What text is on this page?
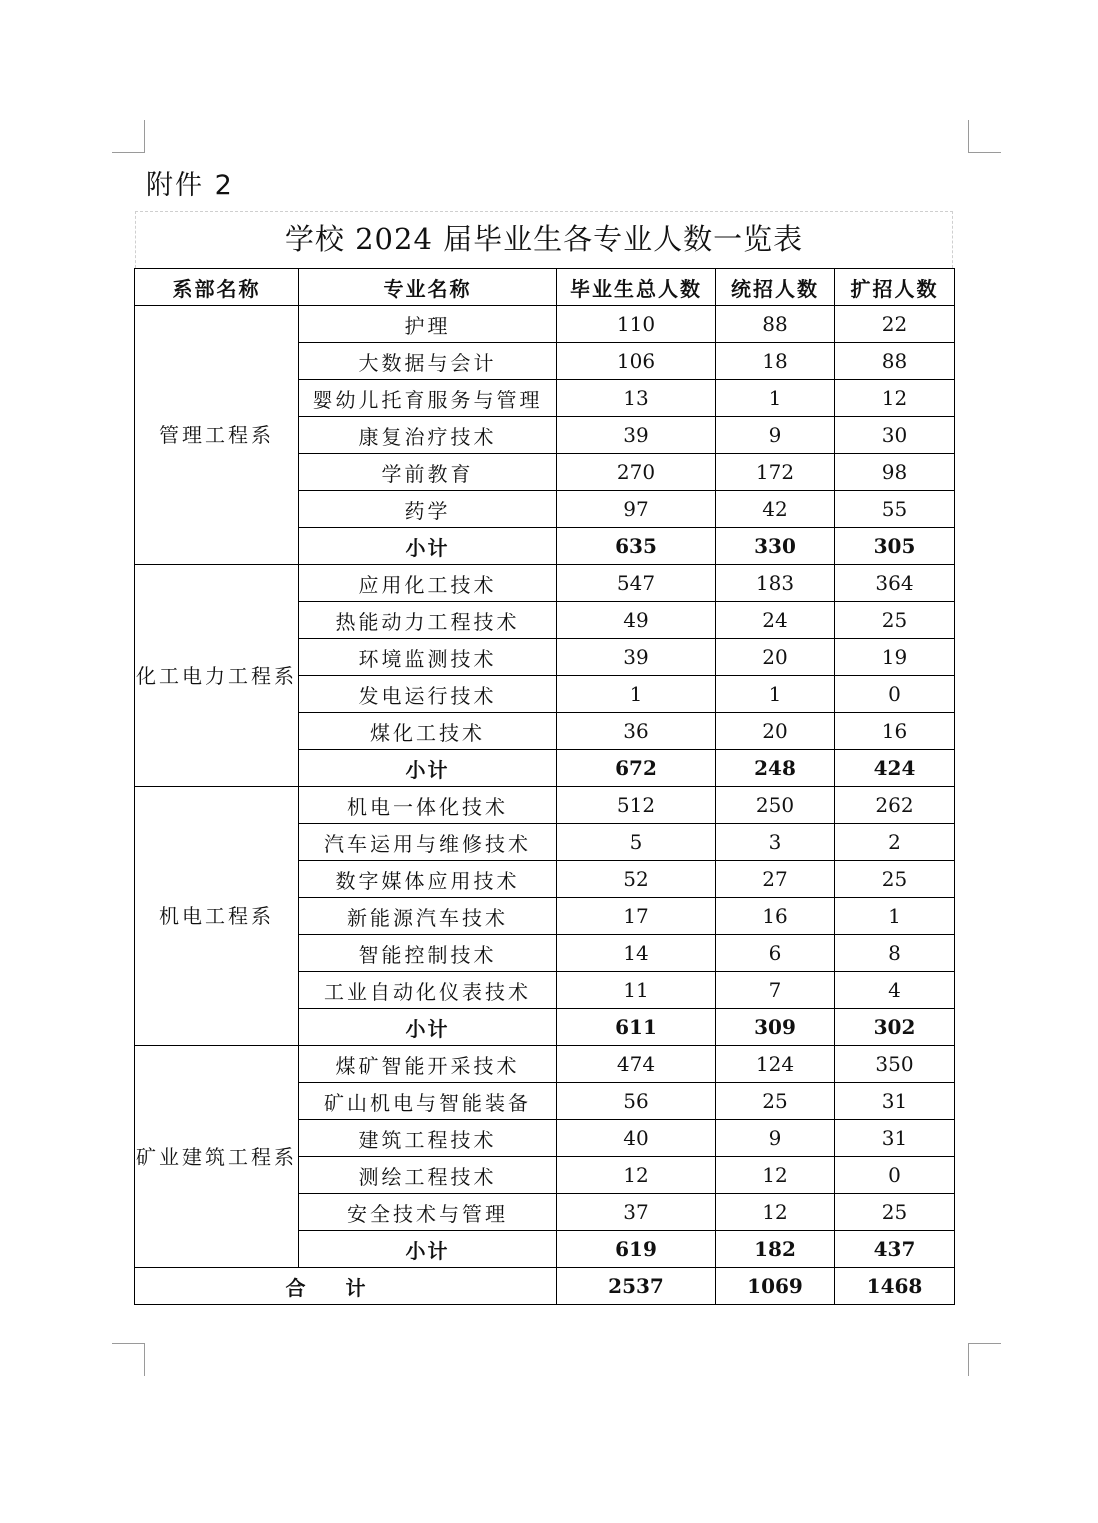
附件 2
学校 2024 届毕业生各专业人数一览表
系部名称	专业名称	毕业生总人数	统招人数	扩招人数
管理工程系	护理	110	88	22
	大数据与会计	106	18	88
	婴幼儿托育服务与管理	13	1	12
	康复治疗技术	39	9	30
	学前教育	270	172	98
	药学	97	42	55
	小计	635	330	305
化工电力工程系	应用化工技术	547	183	364
	热能动力工程技术	49	24	25
	环境监测技术	39	20	19
	发电运行技术	1	1	0
	煤化工技术	36	20	16
	小计	672	248	424
机电工程系	机电一体化技术	512	250	262
	汽车运用与维修技术	5	3	2
	数字媒体应用技术	52	27	25
	新能源汽车技术	17	16	1
	智能控制技术	14	6	8
	工业自动化仪表技术	11	7	4
	小计	611	309	302
矿业建筑工程系	煤矿智能开采技术	474	124	350
	矿山机电与智能装备	56	25	31
	建筑工程技术	40	9	31
	测绘工程技术	12	12	0
	安全技术与管理	37	12	25
	小计	619	182	437
合计		2537	1069	1468
